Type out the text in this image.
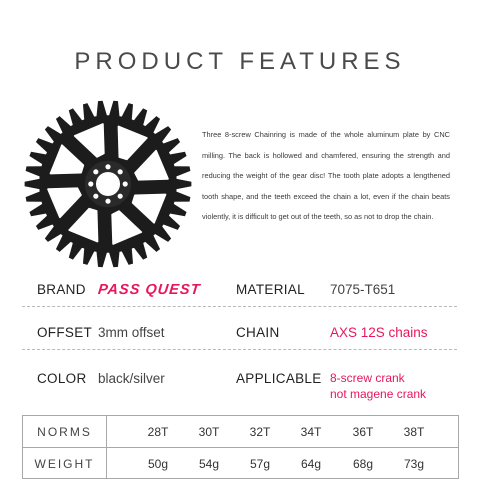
PRODUCT FEATURES
Three 8-screw Chainring is made of the whole aluminum plate by CNC milling. The back is hollowed and chamfered, ensuring the strength and reducing the weight of the gear disc! The tooth plate adopts a lengthened tooth shape, and the teeth exceed the chain a lot, even if the chain beats violently, it is difficult to get out of the teeth, so as not to drop the chain.
BRAND PASS QUEST	MATERIAL 7075-T651
OFFSET 3mm offset	CHAIN	AXS 12S chains
COLOR black/silver	APPLICABLE 8-screw crank
not magene crank
NORMS	28T	30T	32T	34T	36T	38T
WEIGHT	50g	54g	57g	64g	68g	73g
